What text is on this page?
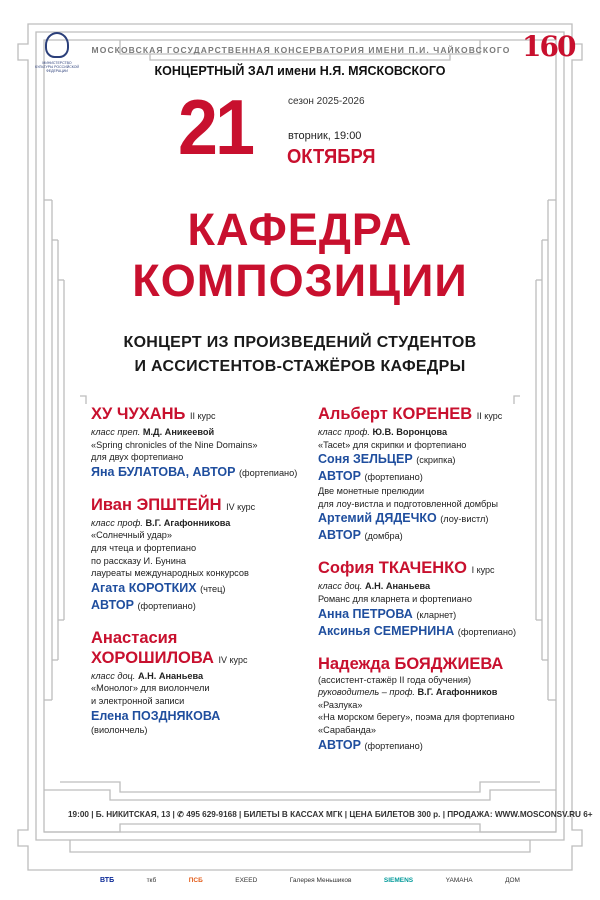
МИНИСТЕРСТВО КУЛЬТУРЫ РОССИЙСКОЙ ФЕДЕРАЦИИ
МОСКОВСКАЯ ГОСУДАРСТВЕННАЯ КОНСЕРВАТОРИЯ ИМЕНИ П.И. ЧАЙКОВСКОГО 160
КОНЦЕРТНЫЙ ЗАЛ имени Н.Я. МЯСКОВСКОГО
21	сезон 2025-2026
вторник, 19:00
ОКТЯБРЯ
КАФЕДРА
КОМПОЗИЦИИ
КОНЦЕРТ ИЗ ПРОИЗВЕДЕНИЙ СТУДЕНТОВ
И АССИСТЕНТОВ-СТАЖЁРОВ КАФЕДРЫ
ХУ ЧУХАНЬ II курс
класс преп. М.Д. Аникеевой
«Spring chronicles of the Nine Domains»
для двух фортепиано
Яна БУЛАТОВА, АВТОР (фортепиано)
Иван ЭПШТЕЙН IV курс
класс проф. В.Г. Агафонникова
«Солнечный удар»
для чтеца и фортепиано
по рассказу И. Бунина
лауреаты международных конкурсов
Агата КОРОТКИХ (чтец)
АВТОР (фортепиано)
Анастасия
ХОРОШИЛОВА IV курс
класс доц. А.Н. Ананьева
«Монолог» для виолончели
и электронной записи
Елена ПОЗДНЯКОВА
(виолончель)
Альберт КОРЕНЕВ II курс
класс проф. Ю.В. Воронцова
«Tacet» для скрипки и фортепиано
Соня ЗЕЛЬЦЕР (скрипка)
АВТОР (фортепиано)
Две монетные прелюдии
для лоу-вистла и подготовленной домбры
Артемий ДЯДЕЧКО (лоу-вистл)
АВТОР (домбра)
София ТКАЧЕНКО I курс
класс доц. А.Н. Ананьева
Романс для кларнета и фортепиано
Анна ПЕТРОВА (кларнет)
Аксинья СЕМЕРНИНА (фортепиано)
Надежда БОЯДЖИЕВА
(ассистент-стажёр II года обучения)
руководитель – проф. В.Г. Агафонников
«Разлука»
«На морском берегу», поэма для фортепиано
«Сарабанда»
АВТОР (фортепиано)
19:00 | Б. НИКИТСКАЯ, 13 | ✆ 495 629-9168 | БИЛЕТЫ В КАССАХ МГК | ЦЕНА БИЛЕТОВ 300 р. | ПРОДАЖА: WWW.MOSCONSV.RU 6+
ВТБ	ткб	ПСБ	EXEED	Галерея Меньшиков	SIEMENS	YAMAHA	ДОМ
